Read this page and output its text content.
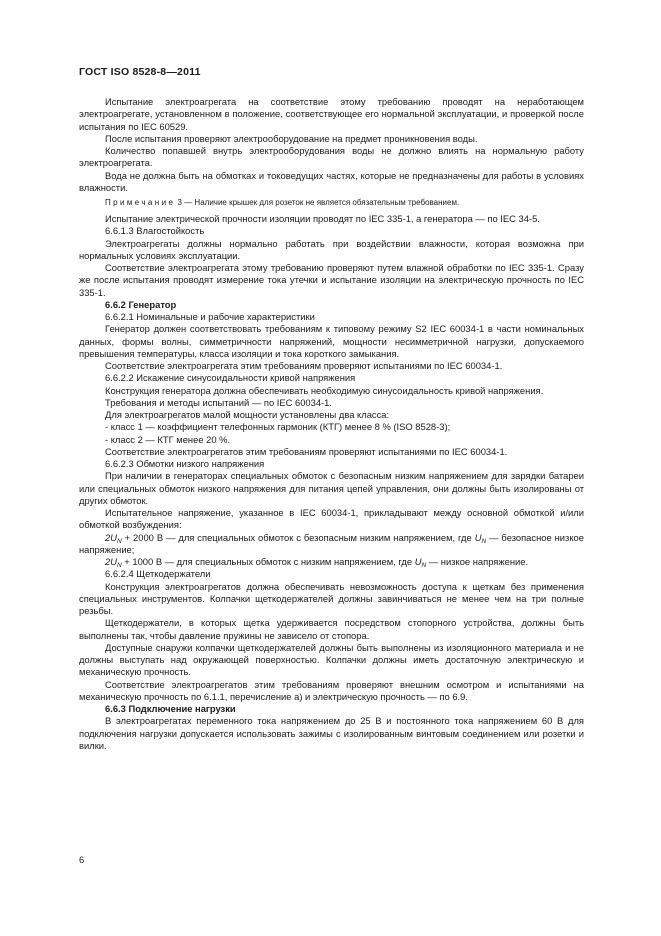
ГОСТ ISO 8528-8—2011

Испытание электроагрегата на соответствие этому требованию проводят на неработающем электроагрегате, установленном в положение, соответствующее его нормальной эксплуатации, и проверкой после испытания по IEC 60529.

После испытания проверяют электрооборудование на предмет проникновения воды.

Количество попавшей внутрь электрооборудования воды не должно влиять на нормальную работу электроагрегата.

Вода не должна быть на обмотках и токоведущих частях, которые не предназначены для работы в условиях влажности.

Примечание 3 — Наличие крышек для розеток не является обязательным требованием.

Испытание электрической прочности изоляции проводят по IEC 335-1, а генератора — по IEC 34-5.

6.6.1.3 Влагостойкость

Электроагрегаты должны нормально работать при воздействии влажности, которая возможна при нормальных условиях эксплуатации.

Соответствие электроагрегата этому требованию проверяют путем влажной обработки по IEC 335-1. Сразу же после испытания проводят измерение тока утечки и испытание изоляции на электрическую прочность по IEC 335-1.

6.6.2 Генератор

6.6.2.1 Номинальные и рабочие характеристики

Генератор должен соответствовать требованиям к типовому режиму S2 IEC 60034-1 в части номинальных данных, формы волны, симметричности напряжений, мощности несимметричной нагрузки, допускаемого превышения температуры, класса изоляции и тока короткого замыкания.

Соответствие электроагрегата этим требованиям проверяют испытаниями по IEC 60034-1.

6.6.2.2 Искажение синусоидальности кривой напряжения

Конструкция генератора должна обеспечивать необходимую синусоидальность кривой напряжения.

Требования и методы испытаний — по IEC 60034-1.

Для электроагрегатов малой мощности установлены два класса:

- класс 1 — коэффициент телефонных гармоник (КТГ) менее 8 % (ISO 8528-3);

- класс 2 — КТГ менее 20 %.

Соответствие электроагрегатов этим требованиям проверяют испытаниями по IEC 60034-1.

6.6.2.3 Обмотки низкого напряжения

При наличии в генераторах специальных обмоток с безопасным низким напряжением для зарядки батареи или специальных обмоток низкого напряжения для питания цепей управления, они должны быть изолированы от других обмоток.

Испытательное напряжение, указанное в IEC 60034-1, прикладывают между основной обмоткой и/или обмоткой возбуждения:

$2U_N + 2000$ В — для специальных обмоток с безопасным низким напряжением, где $U_N$ — безопасное низкое напряжение;

$2U_N + 1000$ В — для специальных обмоток с низким напряжением, где $U_N$ — низкое напряжение.

6.6.2.4 Щеткодержатели

Конструкция электроагрегатов должна обеспечивать невозможность доступа к щеткам без применения специальных инструментов. Колпачки щеткодержателей должны завинчиваться не менее чем на три полные резьбы.

Щеткодержатели, в которых щетка удерживается посредством стопорного устройства, должны быть выполнены так, чтобы давление пружины не зависело от стопора.

Доступные снаружи колпачки щеткодержателей должны быть выполнены из изоляционного материала и не должны выступать над окружающей поверхностью. Колпачки должны иметь достаточную электрическую и механическую прочность.

Соответствие электроагрегатов этим требованиям проверяют внешним осмотром и испытаниями на механическую прочность по 6.1.1, перечисление а) и электрическую прочность — по 6.9.

6.6.3 Подключение нагрузки

В электроагрегатах переменного тока напряжением до 25 В и постоянного тока напряжением 60 В для подключения нагрузки допускается использовать зажимы с изолированным винтовым соединением или розетки и вилки.

6
